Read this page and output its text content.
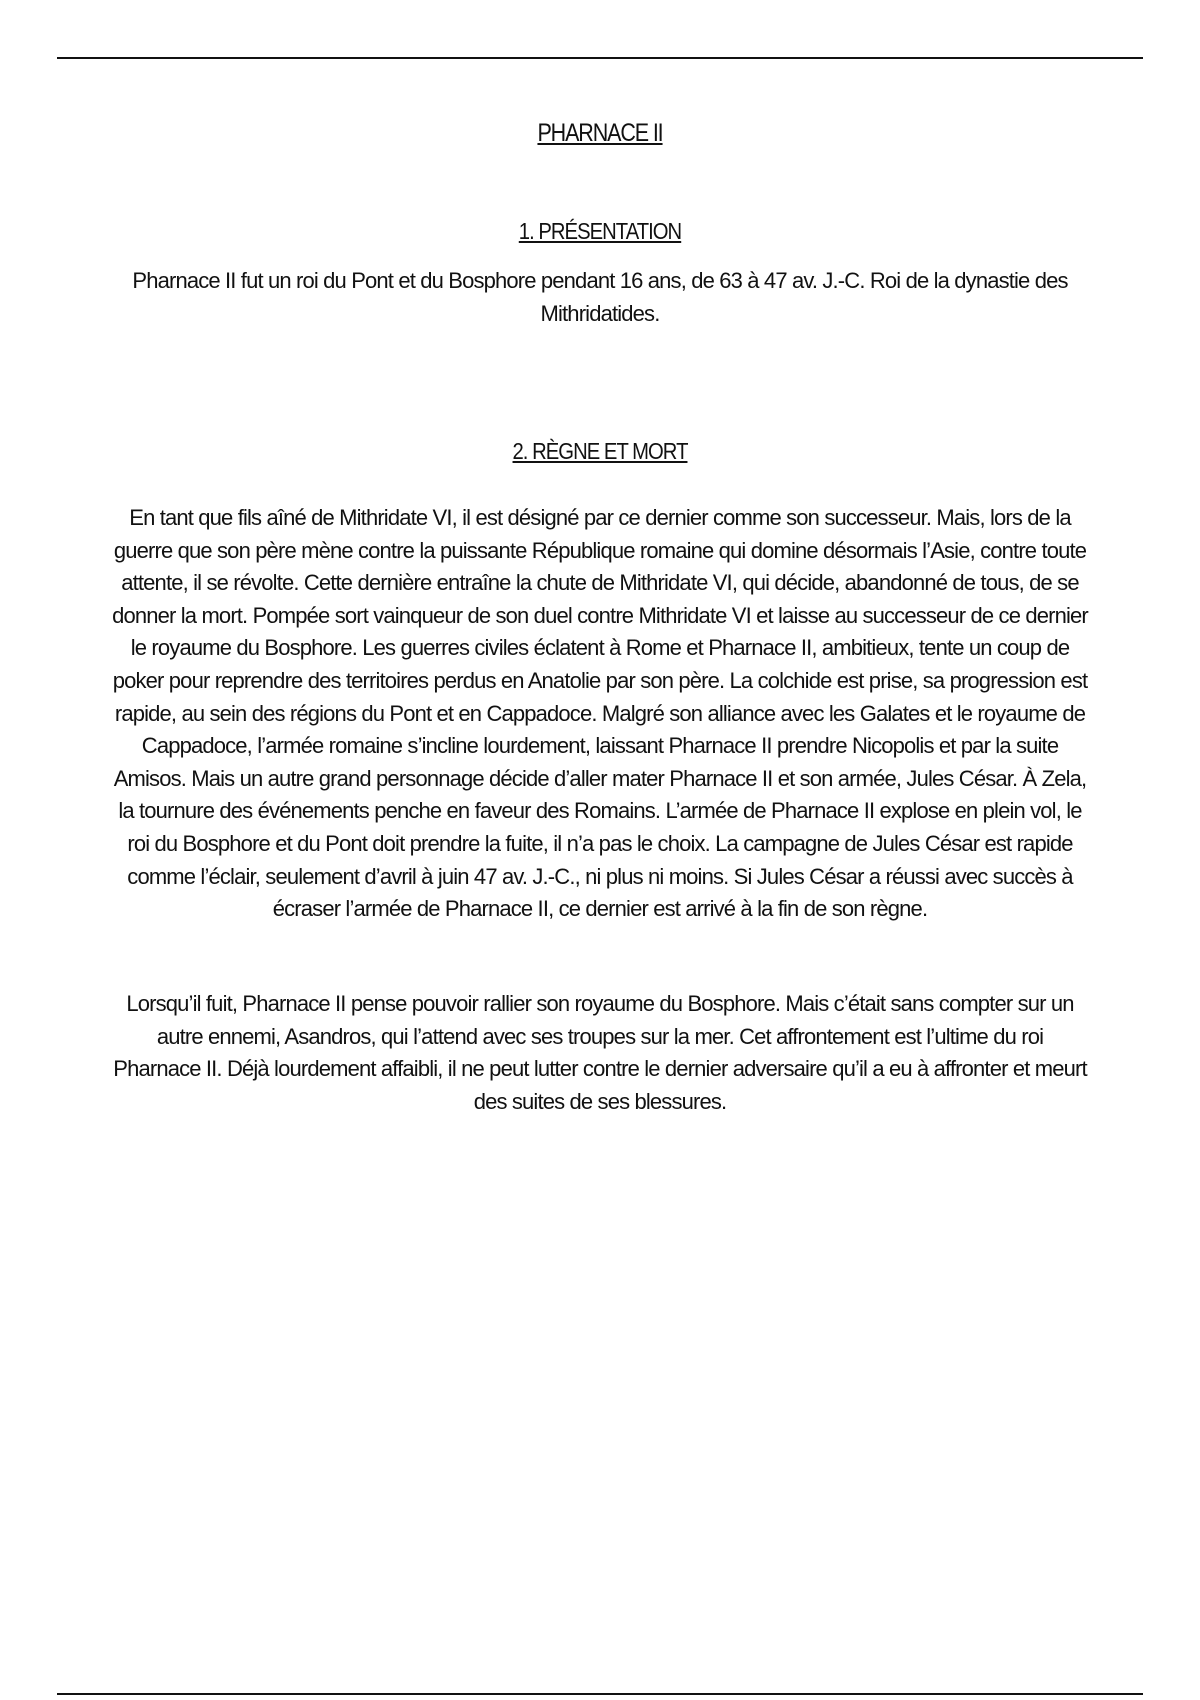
PHARNACE II
1. PRÉSENTATION

Pharnace II fut un roi du Pont et du Bosphore pendant 16 ans, de 63 à 47 av. J.-C. Roi de la dynastie des Mithridatides.

2. RÈGNE ET MORT

En tant que fils aîné de Mithridate VI, il est désigné par ce dernier comme son successeur. Mais, lors de la guerre que son père mène contre la puissante République romaine qui domine désormais l’Asie, contre toute attente, il se révolte. Cette dernière entraîne la chute de Mithridate VI, qui décide, abandonné de tous, de se donner la mort. Pompée sort vainqueur de son duel contre Mithridate VI et laisse au successeur de ce dernier le royaume du Bosphore. Les guerres civiles éclatent à Rome et Pharnace II, ambitieux, tente un coup de poker pour reprendre des territoires perdus en Anatolie par son père. La colchide est prise, sa progression est rapide, au sein des régions du Pont et en Cappadoce. Malgré son alliance avec les Galates et le royaume de Cappadoce, l’armée romaine s’incline lourdement, laissant Pharnace II prendre Nicopolis et par la suite Amisos. Mais un autre grand personnage décide d’aller mater Pharnace II et son armée, Jules César. À Zela, la tournure des événements penche en faveur des Romains. L’armée de Pharnace II explose en plein vol, le roi du Bosphore et du Pont doit prendre la fuite, il n’a pas le choix. La campagne de Jules César est rapide comme l’éclair, seulement d’avril à juin 47 av. J.-C., ni plus ni moins. Si Jules César a réussi avec succès à écraser l’armée de Pharnace II, ce dernier est arrivé à la fin de son règne.

Lorsqu’il fuit, Pharnace II pense pouvoir rallier son royaume du Bosphore. Mais c’était sans compter sur un autre ennemi, Asandros, qui l’attend avec ses troupes sur la mer. Cet affrontement est l’ultime du roi Pharnace II. Déjà lourdement affaibli, il ne peut lutter contre le dernier adversaire qu’il a eu à affronter et meurt des suites de ses blessures.
